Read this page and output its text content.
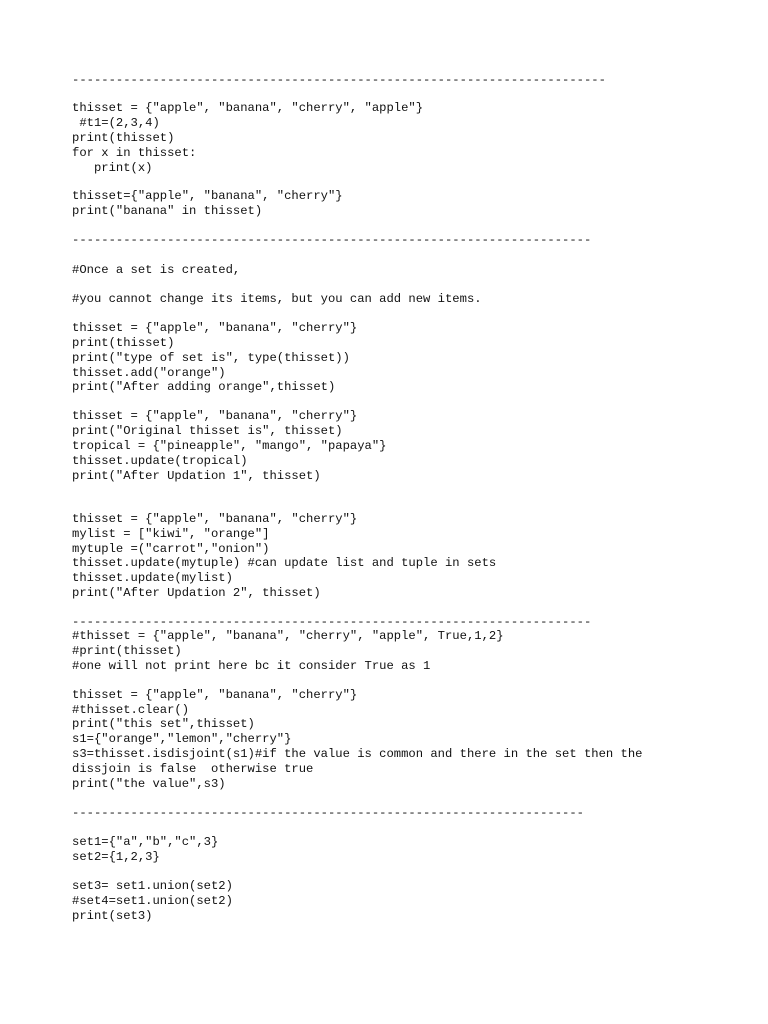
-------------------------------------------------------------------------

thisset = {"apple", "banana", "cherry", "apple"}

#t1=(2,3,4)

print(thisset)

for x in thisset:

print(x)

thisset={"apple", "banana", "cherry"}

print("banana" in thisset)

-----------------------------------------------------------------------

#Once a set is created,

#you cannot change its items, but you can add new items.

thisset = {"apple", "banana", "cherry"}

print(thisset)

print("type of set is", type(thisset))

thisset.add("orange")

print("After adding orange",thisset)

thisset = {"apple", "banana", "cherry"}

print("Original thisset is", thisset)

tropical = {"pineapple", "mango", "papaya"}

thisset.update(tropical)

print("After Updation 1", thisset)

thisset = {"apple", "banana", "cherry"}

mylist = ["kiwi", "orange"]

mytuple =("carrot","onion")

thisset.update(mytuple) #can update list and tuple in sets

thisset.update(mylist)

print("After Updation 2", thisset)

-----------------------------------------------------------------------

#thisset = {"apple", "banana", "cherry", "apple", True,1,2}

#print(thisset)

#one will not print here bc it consider True as 1

thisset = {"apple", "banana", "cherry"}

#thisset.clear()

print("this set",thisset)

s1={"orange","lemon","cherry"}

s3=thisset.isdisjoint(s1)#if the value is common and there in the set then the

dissjoin is false  otherwise true

print("the value",s3)

----------------------------------------------------------------------

set1={"a","b","c",3}

set2={1,2,3}

set3= set1.union(set2)

#set4=set1.union(set2)

print(set3)
